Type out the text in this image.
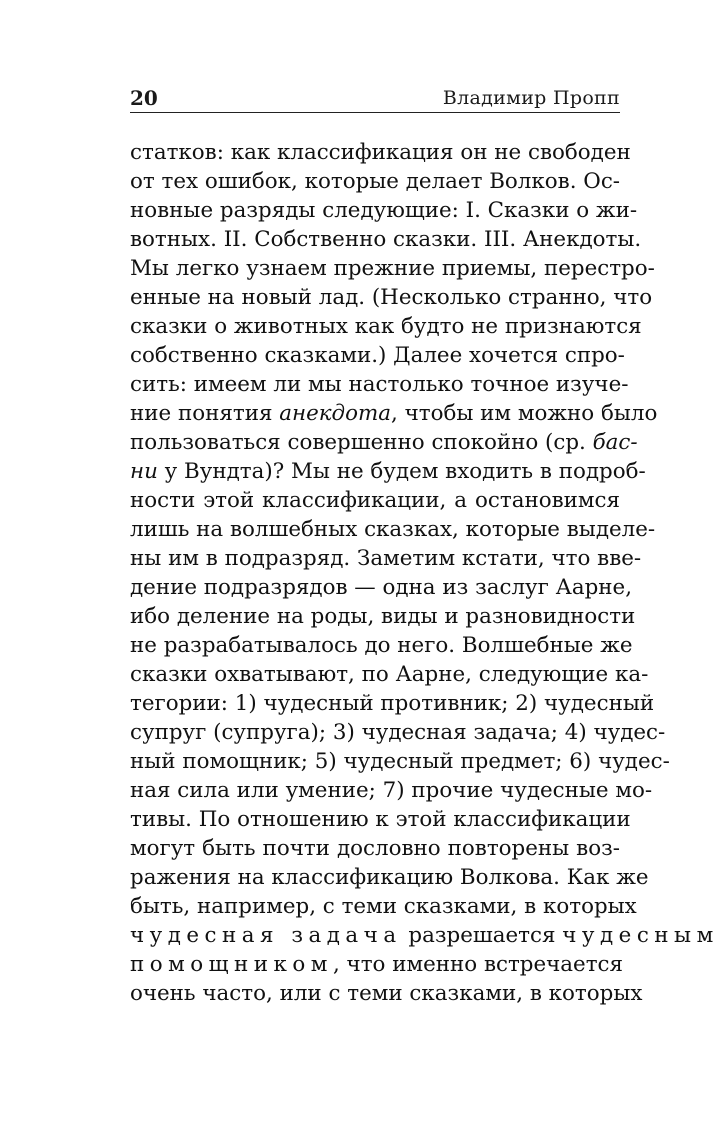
20	Владимир Пропп
статков: как классификация он не свободен
от тех ошибок, которые делает Волков. Ос-
новные разряды следующие: I. Сказки о жи-
вотных. II. Собственно сказки. III. Анекдоты.
Мы легко узнаем прежние приемы, перестро-
енные на новый лад. (Несколько странно, что
сказки о животных как будто не признаются
собственно сказками.) Далее хочется спро-
сить: имеем ли мы настолько точное изуче-
ние понятия анекдота, чтобы им можно было
пользоваться совершенно спокойно (ср. бас-
ни у Вундта)? Мы не будем входить в подроб-
ности этой классификации, а остановимся
лишь на волшебных сказках, которые выделе-
ны им в подразряд. Заметим кстати, что вве-
дение подразрядов — одна из заслуг Аарне,
ибо деление на роды, виды и разновидности
не разрабатывалось до него. Волшебные же
сказки охватывают, по Аарне, следующие ка-
тегории: 1) чудесный противник; 2) чудесный
супруг (супруга); 3) чудесная задача; 4) чудес-
ный помощник; 5) чудесный предмет; 6) чудес-
ная сила или умение; 7) прочие чудесные мо-
тивы. По отношению к этой классификации
могут быть почти дословно повторены воз-
ражения на классификацию Волкова. Как же
быть, например, с теми сказками, в которых
чудесная задача разрешается чудесным
помощником, что именно встречается
очень часто, или с теми сказками, в которых
